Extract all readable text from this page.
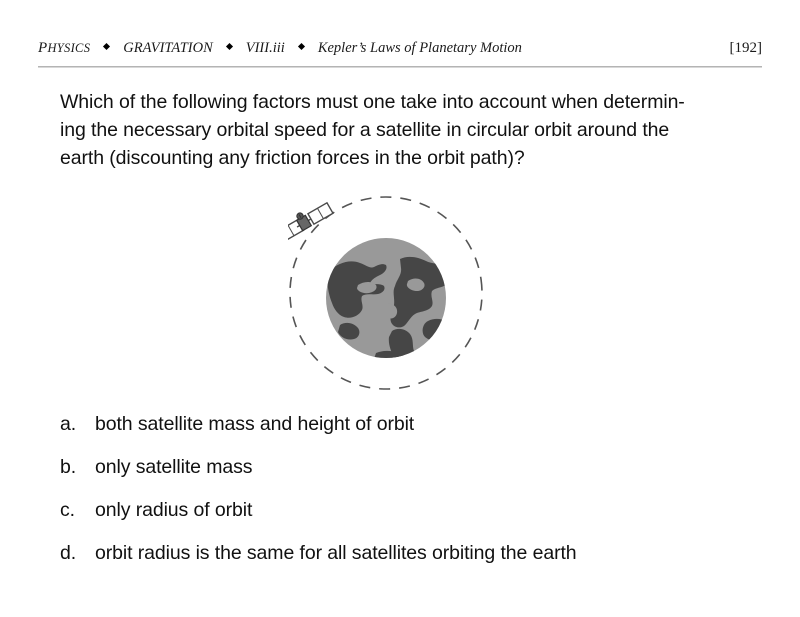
PHYSICS GRAVITATION VIII.iii Kepler’s Laws of Planetary Motion	[192]
Which of the following factors must one take into account when determin-
ing the necessary orbital speed for a satellite in circular orbit around the
earth (discounting any friction forces in the orbit path)?
a. both satellite mass and height of orbit
b. only satellite mass
c.	only radius of orbit
d. orbit radius is the same for all satellites orbiting the earth
